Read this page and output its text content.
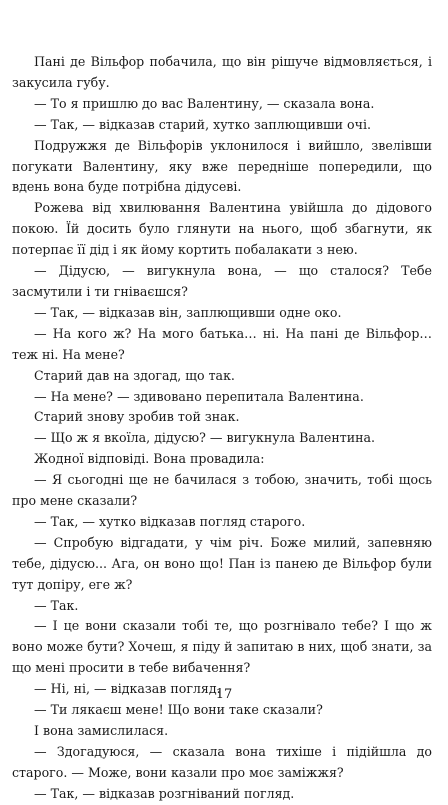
Пані де Вільфор побачила, що він рішуче відмовляється, і закусила губу.

— То я пришлю до вас Валентину, — сказала вона.

— Так, — відказав старий, хутко заплющивши очі.

Подружжя де Вільфорів уклонилося і вийшло, звелівши погукати Валентину, яку вже передніше попередили, що вдень вона буде потрібна дідусеві.

Рожева від хвилювання Валентина увійшла до дідового покою. Їй досить було глянути на нього, щоб збагнути, як потерпає її дід і як йому кортить побалакати з нею.

— Дідусю, — вигукнула вона, — що сталося? Тебе засмутили і ти гніваєшся?

— Так, — відказав він, заплющивши одне око.

— На кого ж? На мого батька… ні. На пані де Вільфор… теж ні. На мене?

Старий дав на здогад, що так.

— На мене? — здивовано перепитала Валентина.

Старий знову зробив той знак.

— Що ж я вкоїла, дідусю? — вигукнула Валентина.

Жодної відповіді. Вона провадила:

— Я сьогодні ще не бачилася з тобою, значить, тобі щось про мене сказали?

— Так, — хутко відказав погляд старого.

— Спробую відгадати, у чім річ. Боже милий, запевняю тебе, дідусю... Ага, он воно що! Пан із панею де Вільфор були тут допіру, еге ж?

— Так.

— І це вони сказали тобі те, що розгнівало тебе? І що ж воно може бути? Хочеш, я піду й запитаю в них, щоб знати, за що мені просити в тебе вибачення?

— Ні, ні, — відказав погляд.

— Ти лякаєш мене! Що вони таке сказали?

І вона замислилася.

— Здогадуюся, — сказала вона тихіше і підійшла до старого. — Може, вони казали про моє заміжжя?

— Так, — відказав розгніваний погляд.

17
